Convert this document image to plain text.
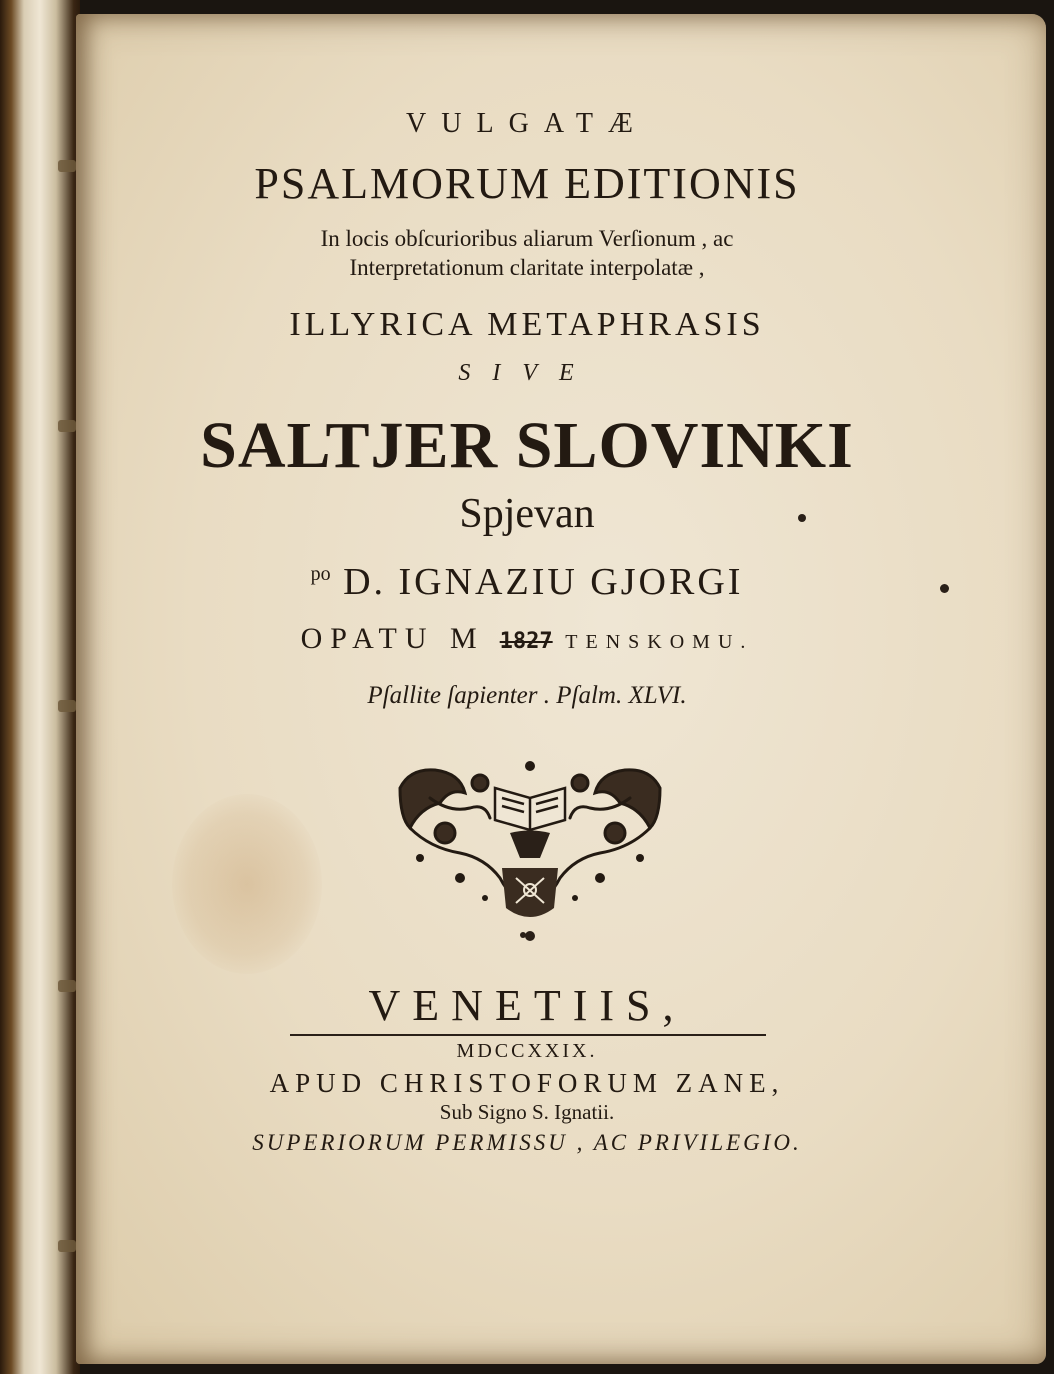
VULGATÆ
PSALMORUM EDITIONIS
In locis obſcurioribus aliarum Verſionum , ac
Interpretationum claritate interpolatæ ,
ILLYRICA METAPHRASIS
SIVE
SALTJER SLOVINKI
Spjevan
$^{po}$ D. IGNAZIU GJORGI
OPATU M 1827 TENSKOMU.
Pſallite ſapienter . Pſalm. XLVI.
VENETIIS,
MDCCXXIX.
APUD CHRISTOFORUM ZANE,
Sub Signo S. Ignatii.
SUPERIORUM PERMISSU , AC PRIVILEGIO.
